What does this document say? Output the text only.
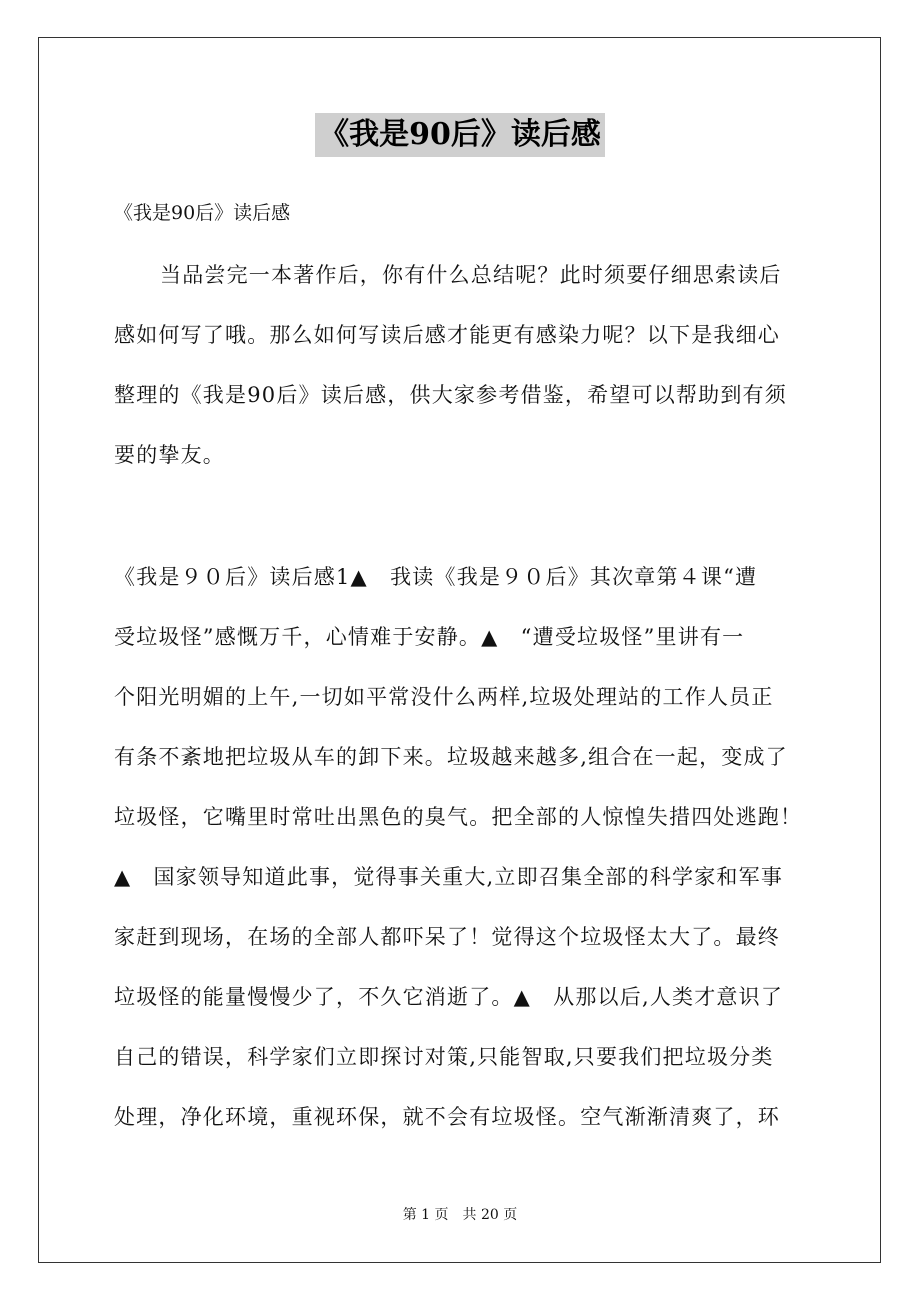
《我是90后》读后感
《我是90后》读后感
当品尝完一本著作后，你有什么总结呢？此时须要仔细思索读后
感如何写了哦。那么如何写读后感才能更有感染力呢？以下是我细心
整理的《我是90后》读后感，供大家参考借鉴，希望可以帮助到有须
要的挚友。
《我是９０后》读后感1▲　我读《我是９０后》其次章第４课“遭
受垃圾怪”感慨万千，心情难于安静。▲　“遭受垃圾怪”里讲有一
个阳光明媚的上午,一切如平常没什么两样,垃圾处理站的工作人员正
有条不紊地把垃圾从车的卸下来。垃圾越来越多,组合在一起，变成了
垃圾怪，它嘴里时常吐出黑色的臭气。把全部的人惊惶失措四处逃跑！
▲　国家领导知道此事，觉得事关重大,立即召集全部的科学家和军事
家赶到现场，在场的全部人都吓呆了！觉得这个垃圾怪太大了。最终
垃圾怪的能量慢慢少了，不久它消逝了。▲　从那以后,人类才意识了
自己的错误，科学家们立即探讨对策,只能智取,只要我们把垃圾分类
处理，净化环境，重视环保，就不会有垃圾怪。空气渐渐清爽了，环
第 1 页　共 20 页
